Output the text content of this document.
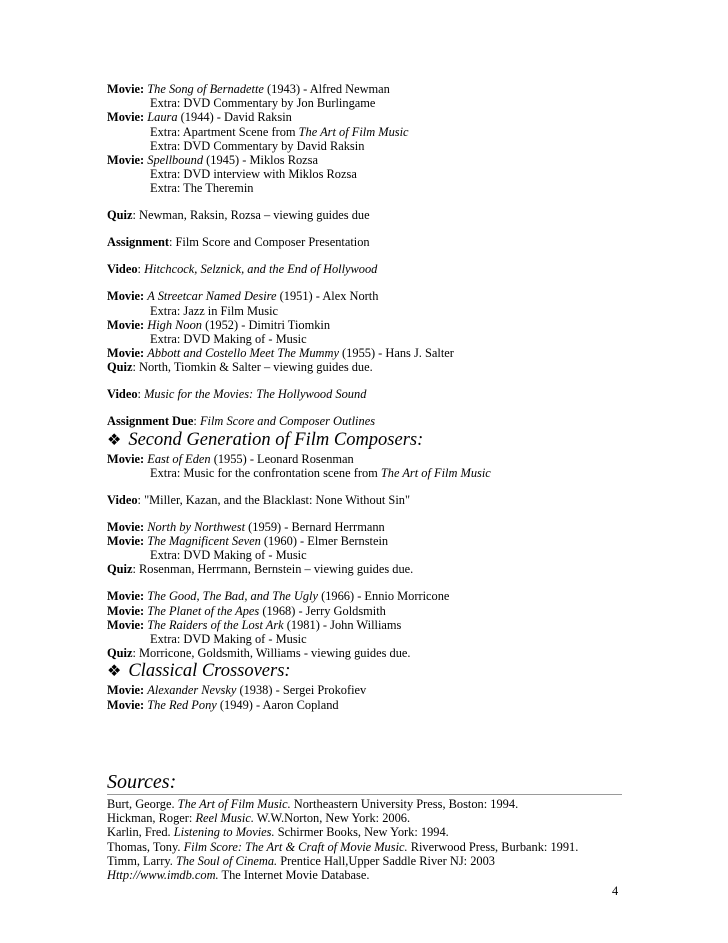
Movie: The Song of Bernadette (1943) - Alfred Newman
Extra: DVD Commentary by Jon Burlingame
Movie: Laura (1944) - David Raksin
Extra: Apartment Scene from The Art of Film Music
Extra: DVD Commentary by David Raksin
Movie: Spellbound (1945) - Miklos Rozsa
Extra: DVD interview with Miklos Rozsa
Extra: The Theremin
Quiz: Newman, Raksin, Rozsa – viewing guides due
Assignment: Film Score and Composer Presentation
Video: Hitchcock, Selznick, and the End of Hollywood
Movie: A Streetcar Named Desire (1951) - Alex North
Extra: Jazz in Film Music
Movie: High Noon (1952) - Dimitri Tiomkin
Extra: DVD Making of - Music
Movie: Abbott and Costello Meet The Mummy (1955) - Hans J. Salter
Quiz: North, Tiomkin & Salter – viewing guides due.
Video: Music for the Movies: The Hollywood Sound
Assignment Due: Film Score and Composer Outlines
❖ Second Generation of Film Composers:
Movie: East of Eden (1955) - Leonard Rosenman
Extra: Music for the confrontation scene from The Art of Film Music
Video: "Miller, Kazan, and the Blacklast: None Without Sin"
Movie: North by Northwest (1959) - Bernard Herrmann
Movie: The Magnificent Seven (1960) - Elmer Bernstein
Extra: DVD Making of - Music
Quiz: Rosenman, Herrmann, Bernstein – viewing guides due.
Movie: The Good, The Bad, and The Ugly (1966) - Ennio Morricone
Movie: The Planet of the Apes (1968) - Jerry Goldsmith
Movie: The Raiders of the Lost Ark (1981) - John Williams
Extra: DVD Making of - Music
Quiz: Morricone, Goldsmith, Williams - viewing guides due.
❖ Classical Crossovers:
Movie: Alexander Nevsky (1938) - Sergei Prokofiev
Movie: The Red Pony (1949) - Aaron Copland
Sources:
Burt, George. The Art of Film Music. Northeastern University Press, Boston: 1994.
Hickman, Roger: Reel Music. W.W.Norton, New York: 2006.
Karlin, Fred. Listening to Movies. Schirmer Books, New York: 1994.
Thomas, Tony. Film Score: The Art & Craft of Movie Music. Riverwood Press, Burbank: 1991.
Timm, Larry. The Soul of Cinema. Prentice Hall,Upper Saddle River NJ: 2003
Http://www.imdb.com. The Internet Movie Database.
4
